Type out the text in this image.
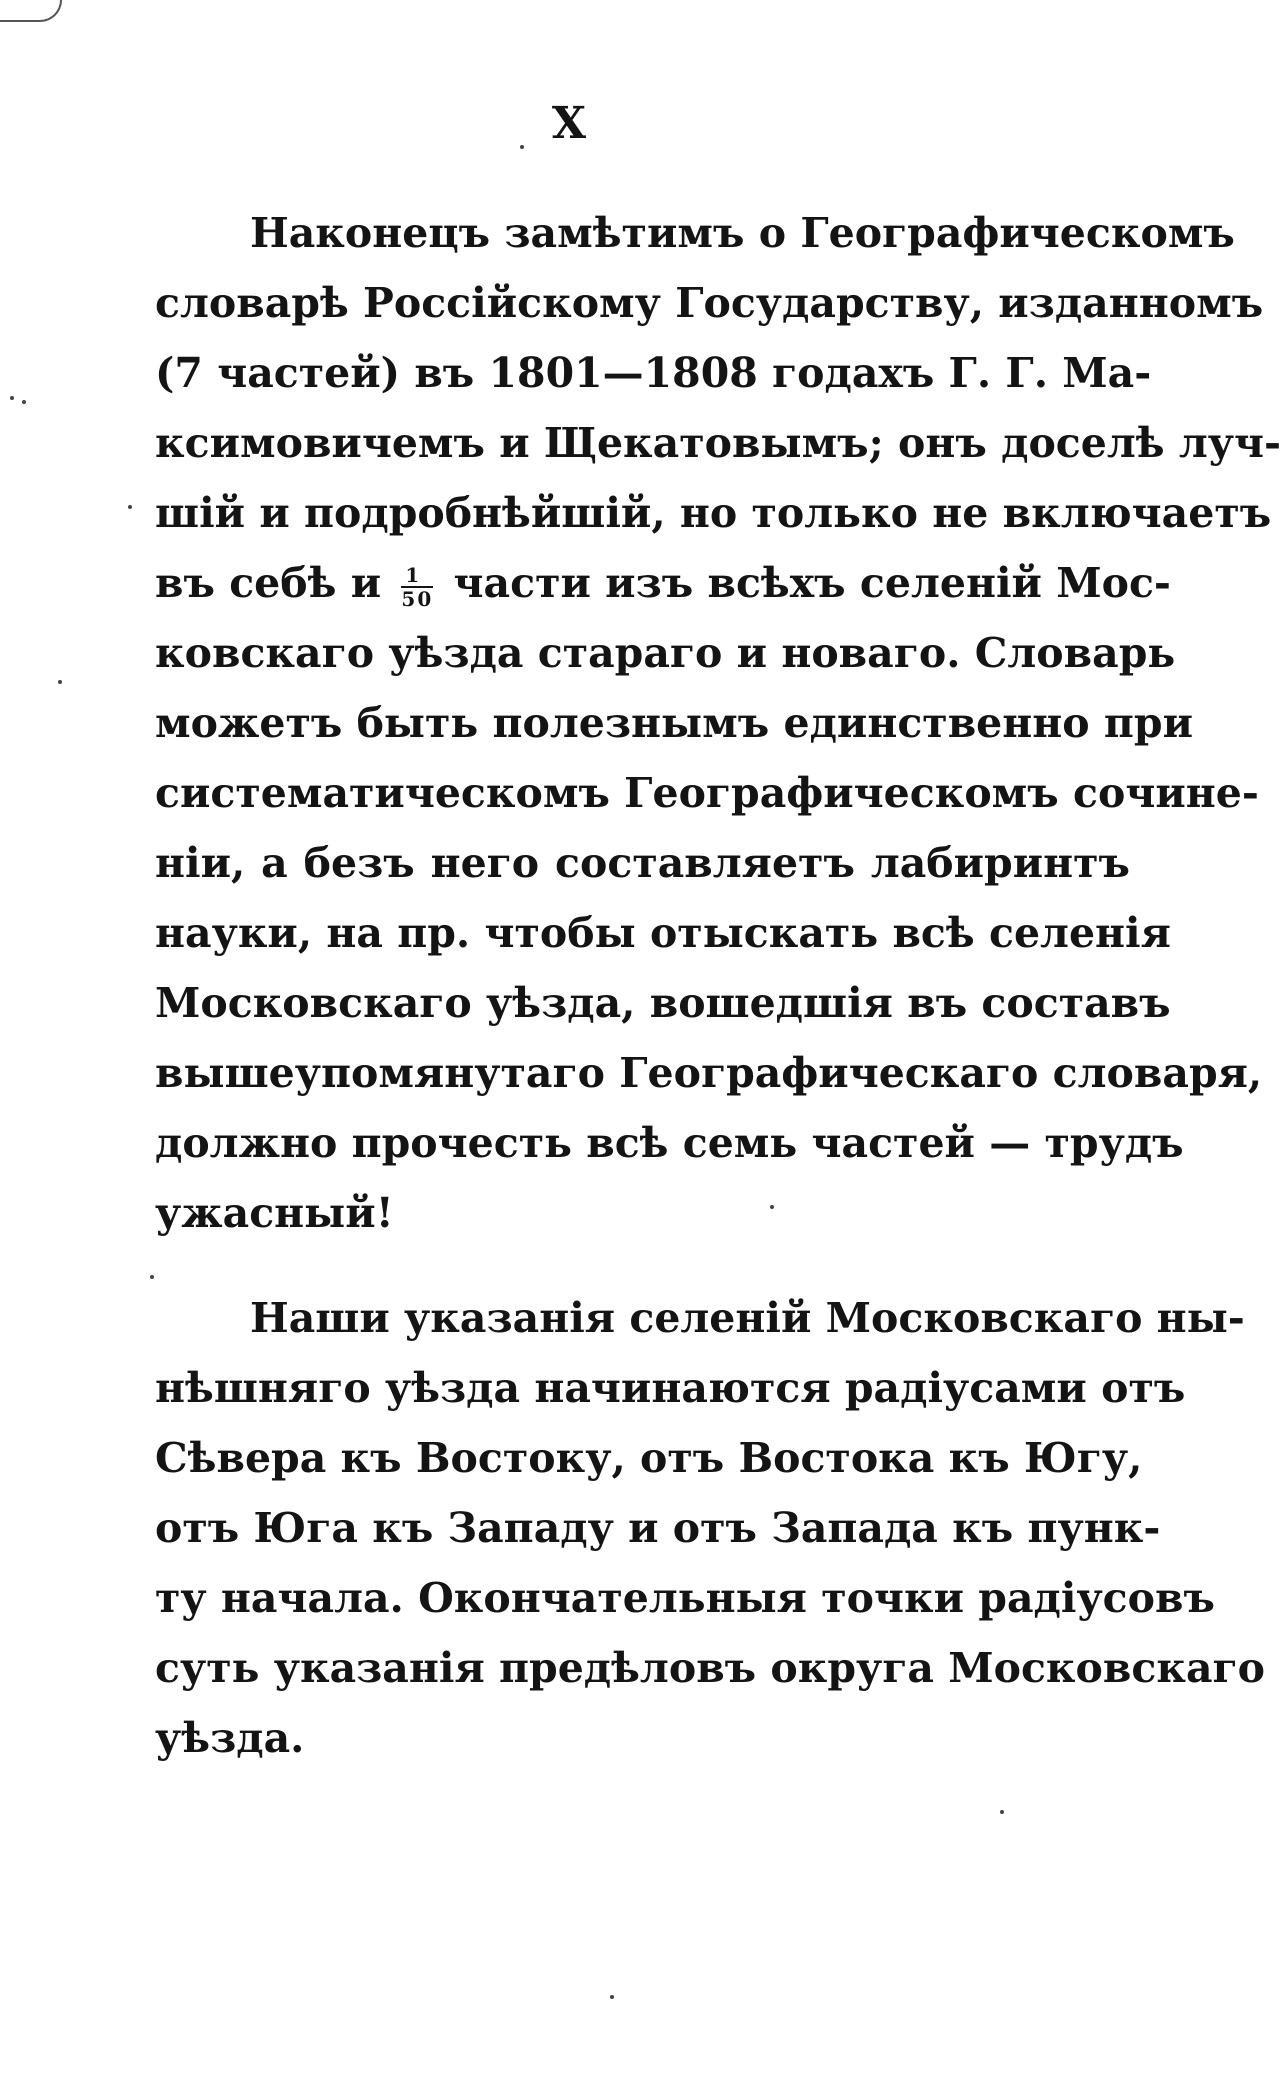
X
Наконецъ замѣтимъ о Географическомъ
словарѣ Россійскому Государству, изданномъ
(7 частей) въ 1801—1808 годахъ Г. Г. Ма-
ксимовичемъ и Щекатовымъ; онъ доселѣ луч-
шій и подробнѣйшій, но только не включаетъ
въ себѣ и $\frac{1}{50}$ части изъ всѣхъ селеній Мос-
ковскаго уѣзда стараго и новаго. Словарь
можетъ быть полезнымъ единственно при
систематическомъ Географическомъ сочине-
ніи, а безъ него составляетъ лабиринтъ
науки, на пр. чтобы отыскать всѣ селенія
Московскаго уѣзда, вошедшія въ составъ
вышеупомянутаго Географическаго словаря,
должно прочесть всѣ семь частей — трудъ
ужасный!
Наши указанія селеній Московскаго ны-
нѣшняго уѣзда начинаются радіусами отъ
Сѣвера къ Востоку, отъ Востока къ Югу,
отъ Юга къ Западу и отъ Запада къ пунк-
ту начала. Окончательныя точки радіусовъ
суть указанія предѣловъ округа Московскаго
уѣзда.
